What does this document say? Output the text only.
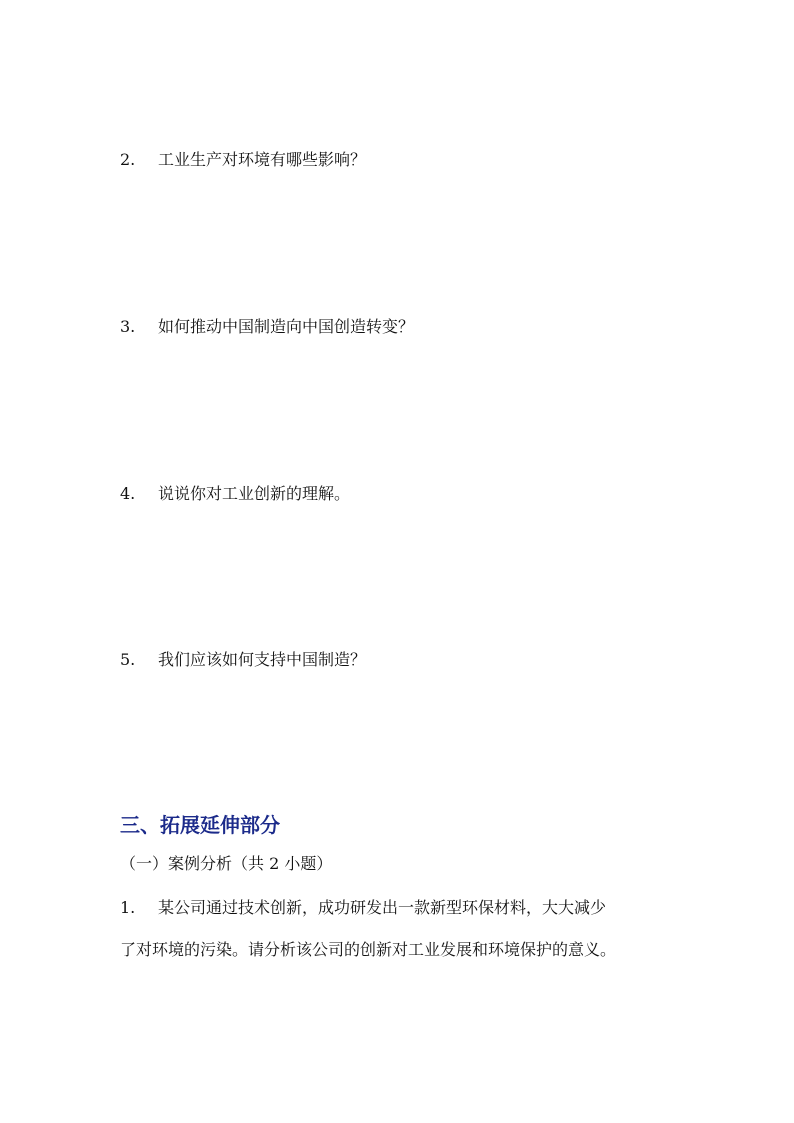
2. 工业生产对环境有哪些影响？
3. 如何推动中国制造向中国创造转变？
4. 说说你对工业创新的理解。
5. 我们应该如何支持中国制造？
三、拓展延伸部分
（一）案例分析（共 2 小题）
1. 某公司通过技术创新，成功研发出一款新型环保材料，大大减少
了对环境的污染。请分析该公司的创新对工业发展和环境保护的意义。
